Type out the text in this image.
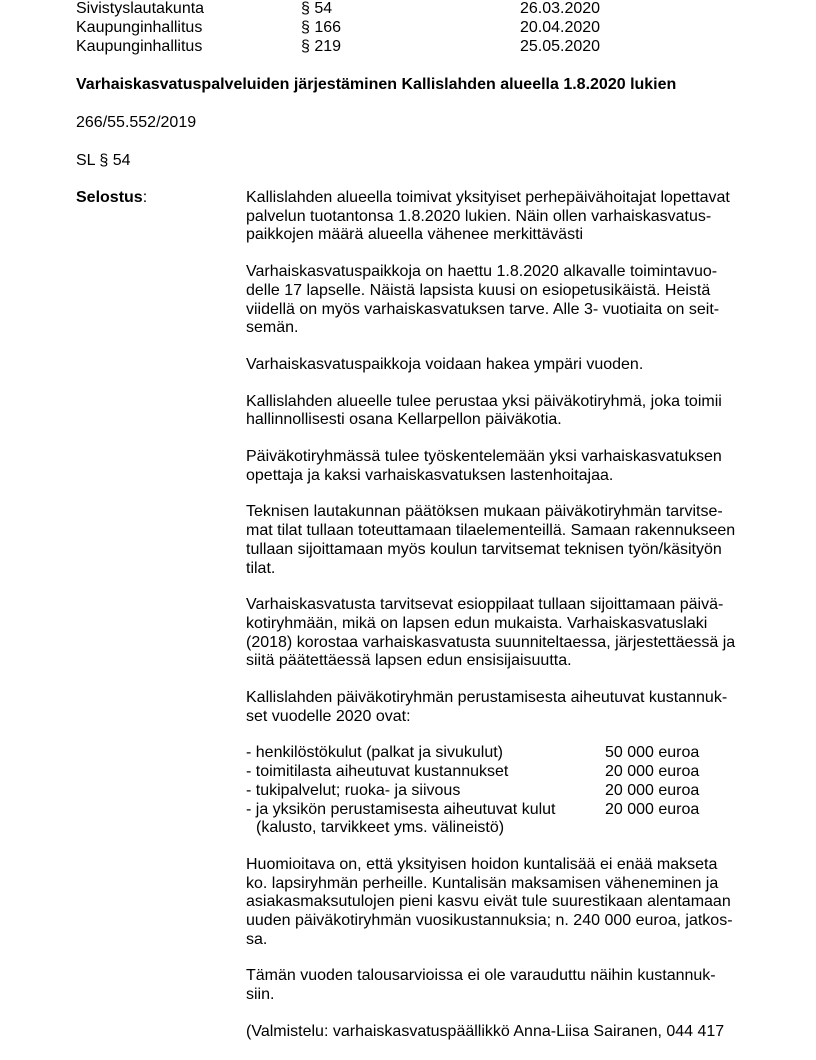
Sivistyslautakunta	§ 54	26.03.2020
Kaupunginhallitus	§ 166	20.04.2020
Kaupunginhallitus	§ 219	25.05.2020
Varhaiskasvatuspalveluiden järjestäminen Kallislahden alueella 1.8.2020 lukien
266/55.552/2019
SL § 54
Selostus:	Kallislahden alueella toimivat yksityiset perhepäivähoitajat lopettavat palvelun tuotantonsa 1.8.2020 lukien. Näin ollen varhaiskasvatus-paikkojen määrä alueella vähenee merkittävästi

Varhaiskasvatuspaikkoja on haettu 1.8.2020 alkavalle toimintavuo-delle 17 lapselle. Näistä lapsista kuusi on esiopetusikäistä. Heistä viidellä on myös varhaiskasvatuksen tarve. Alle 3- vuotiaita on seit-semän.

Varhaiskasvatuspaikkoja voidaan hakea ympäri vuoden.

Kallislahden alueelle tulee perustaa yksi päiväkotiryhmä, joka toimii hallinnollisesti osana Kellarpellon päiväkotia.

Päiväkotiryhmässä tulee työskentelemään yksi varhaiskasvatuksen opettaja ja kaksi varhaiskasvatuksen lastenhoitajaa.

Teknisen lautakunnan päätöksen mukaan päiväkotiryhmän tarvitse-mat tilat tullaan toteuttamaan tilaelementeillä. Samaan rakennukseen tullaan sijoittamaan myös koulun tarvitsemat teknisen työn/käsityön tilat.

Varhaiskasvatusta tarvitsevat esioppilaat tullaan sijoittamaan päivä-kotiryhmään, mikä on lapsen edun mukaista. Varhaiskasvatuslaki (2018) korostaa varhaiskasvatusta suunniteltaessa, järjestettäessä ja siitä päätettäessä lapsen edun ensisijaisuutta.

Kallislahden päiväkotiryhmän perustamisesta aiheutuvat kustannuk-set vuodelle 2020 ovat:

- henkilöstökulut (palkat ja sivukulut)	50 000 euroa
- toimitilasta aiheutuvat kustannukset	20 000 euroa
- tukipalvelut; ruoka- ja siivous	20 000 euroa
- ja yksikön perustamisesta aiheutuvat kulut	20 000 euroa
(kalusto, tarvikkeet yms. välineistö)

Huomioitava on, että yksityisen hoidon kuntalisää ei enää makseta ko. lapsiryhmän perheille. Kuntalisän maksamisen väheneminen ja asiakasmaksutulojen pieni kasvu eivät tule suurestikaan alentamaan uuden päiväkotiryhmän vuosikustannuksia; n. 240 000 euroa, jatkos-sa.

Tämän vuoden talousarvioissa ei ole varauduttu näihin kustannuk-siin.

(Valmistelu: varhaiskasvatuspäällikkö Anna-Liisa Sairanen, 044 417
